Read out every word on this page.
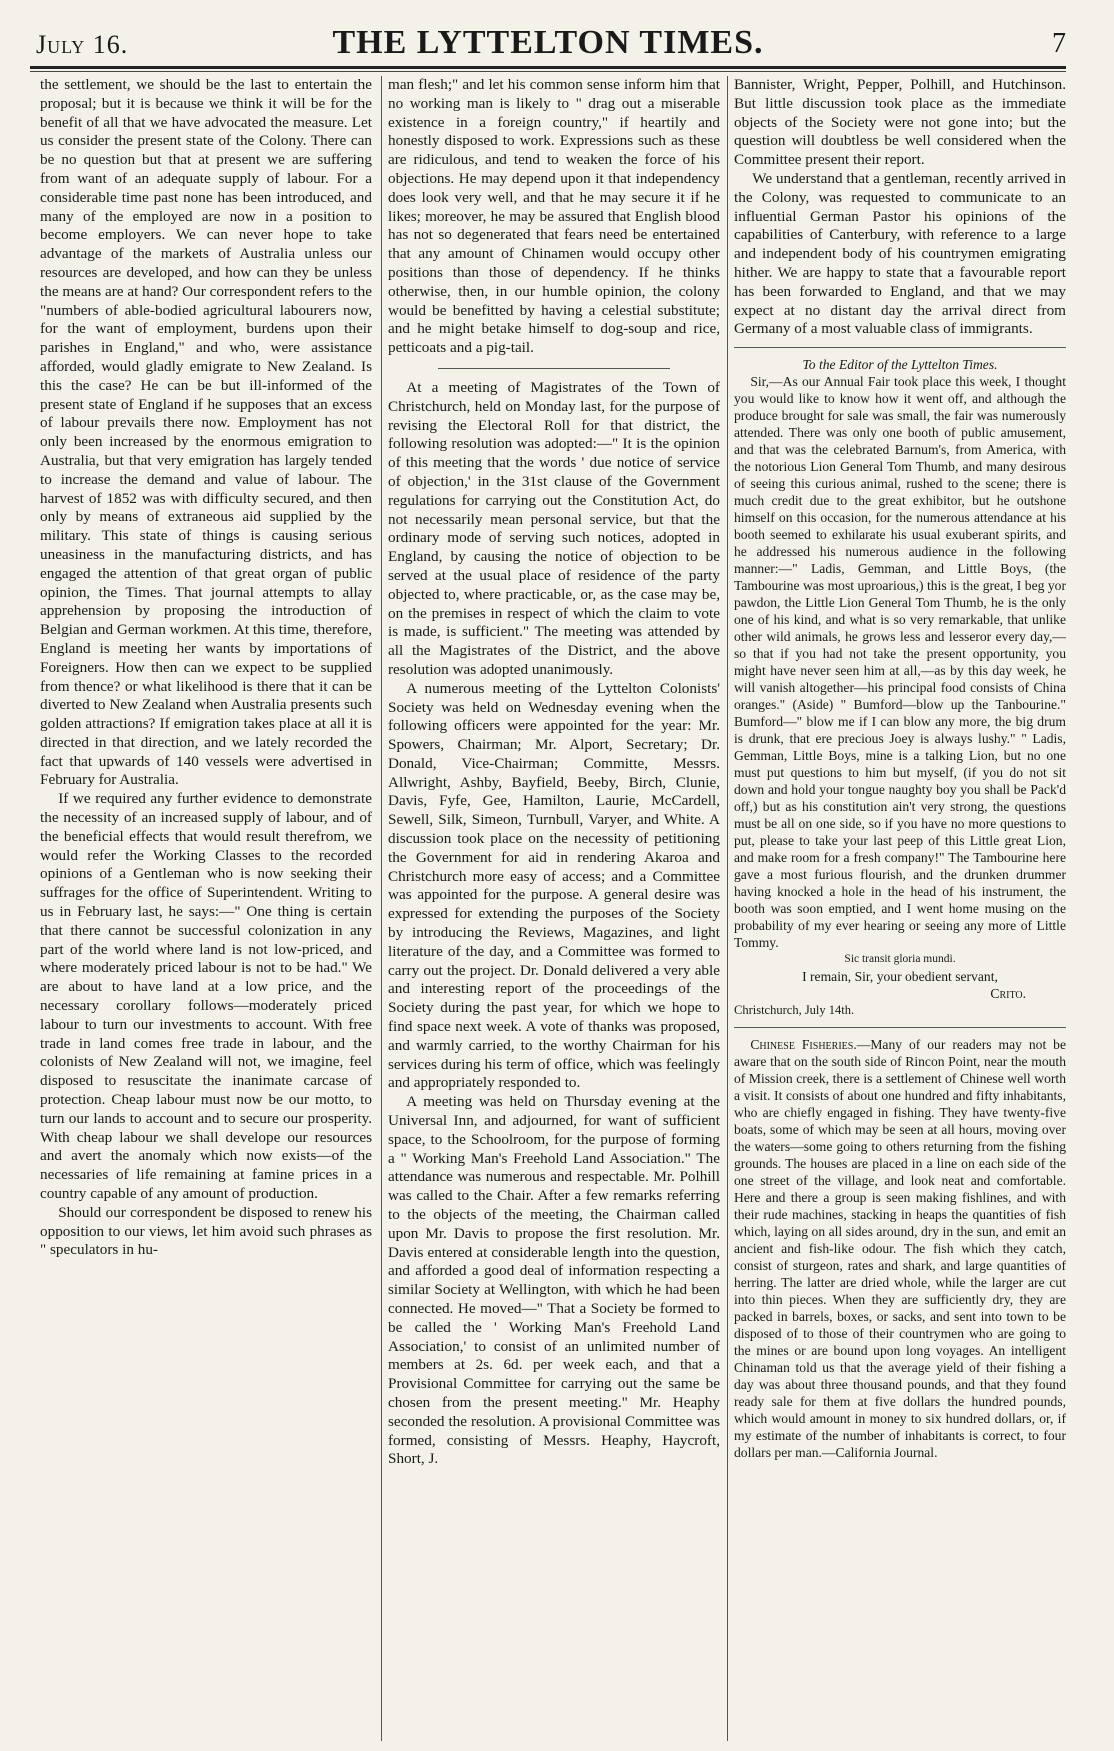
July 16.	THE LYTTELTON TIMES.	7

the settlement, we should be the last to entertain the proposal; but it is because we think it will be for the benefit of all that we have advocated the measure. Let us consider the present state of the Colony. There can be no question but that at present we are suffering from want of an adequate supply of labour. For a considerable time past none has been introduced, and many of the employed are now in a position to become employers. We can never hope to take advantage of the markets of Australia unless our resources are developed, and how can they be unless the means are at hand? Our correspondent refers to the "numbers of able-bodied agricultural labourers now, for the want of employment, burdens upon their parishes in England," and who, were assistance afforded, would gladly emigrate to New Zealand. Is this the case? He can be but ill-informed of the present state of England if he supposes that an excess of labour prevails there now. Employment has not only been increased by the enormous emigration to Australia, but that very emigration has largely tended to increase the demand and value of labour. The harvest of 1852 was with difficulty secured, and then only by means of extraneous aid supplied by the military. This state of things is causing serious uneasiness in the manufacturing districts, and has engaged the attention of that great organ of public opinion, the Times. That journal attempts to allay apprehension by proposing the introduction of Belgian and German workmen. At this time, therefore, England is meeting her wants by importations of Foreigners. How then can we expect to be supplied from thence? or what likelihood is there that it can be diverted to New Zealand when Australia presents such golden attractions? If emigration takes place at all it is directed in that direction, and we lately recorded the fact that upwards of 140 vessels were advertised in February for Australia.

If we required any further evidence to demonstrate the necessity of an increased supply of labour, and of the beneficial effects that would result therefrom, we would refer the Working Classes to the recorded opinions of a Gentleman who is now seeking their suffrages for the office of Superintendent. Writing to us in February last, he says:—" One thing is certain that there cannot be successful colonization in any part of the world where land is not low-priced, and where moderately priced labour is not to be had." We are about to have land at a low price, and the necessary corollary follows—moderately priced labour to turn our investments to account. With free trade in land comes free trade in labour, and the colonists of New Zealand will not, we imagine, feel disposed to resuscitate the inanimate carcase of protection. Cheap labour must now be our motto, to turn our lands to account and to secure our prosperity. With cheap labour we shall develope our resources and avert the anomaly which now exists—of the necessaries of life remaining at famine prices in a country capable of any amount of production.

Should our correspondent be disposed to renew his opposition to our views, let him avoid such phrases as " speculators in hu-

man flesh;" and let his common sense inform him that no working man is likely to " drag out a miserable existence in a foreign country," if heartily and honestly disposed to work. Expressions such as these are ridiculous, and tend to weaken the force of his objections. He may depend upon it that independency does look very well, and that he may secure it if he likes; moreover, he may be assured that English blood has not so degenerated that fears need be entertained that any amount of Chinamen would occupy other positions than those of dependency. If he thinks otherwise, then, in our humble opinion, the colony would be benefitted by having a celestial substitute; and he might betake himself to dog-soup and rice, petticoats and a pig-tail.

At a meeting of Magistrates of the Town of Christchurch, held on Monday last, for the purpose of revising the Electoral Roll for that district, the following resolution was adopted:—" It is the opinion of this meeting that the words ' due notice of service of objection,' in the 31st clause of the Government regulations for carrying out the Constitution Act, do not necessarily mean personal service, but that the ordinary mode of serving such notices, adopted in England, by causing the notice of objection to be served at the usual place of residence of the party objected to, where practicable, or, as the case may be, on the premises in respect of which the claim to vote is made, is sufficient." The meeting was attended by all the Magistrates of the District, and the above resolution was adopted unanimously.

A numerous meeting of the Lyttelton Colonists' Society was held on Wednesday evening when the following officers were appointed for the year: Mr. Spowers, Chairman; Mr. Alport, Secretary; Dr. Donald, Vice-Chairman; Committe, Messrs. Allwright, Ashby, Bayfield, Beeby, Birch, Clunie, Davis, Fyfe, Gee, Hamilton, Laurie, McCardell, Sewell, Silk, Simeon, Turnbull, Varyer, and White. A discussion took place on the necessity of petitioning the Government for aid in rendering Akaroa and Christchurch more easy of access; and a Committee was appointed for the purpose. A general desire was expressed for extending the purposes of the Society by introducing the Reviews, Magazines, and light literature of the day, and a Committee was formed to carry out the project. Dr. Donald delivered a very able and interesting report of the proceedings of the Society during the past year, for which we hope to find space next week. A vote of thanks was proposed, and warmly carried, to the worthy Chairman for his services during his term of office, which was feelingly and appropriately responded to.

A meeting was held on Thursday evening at the Universal Inn, and adjourned, for want of sufficient space, to the Schoolroom, for the purpose of forming a " Working Man's Freehold Land Association." The attendance was numerous and respectable. Mr. Polhill was called to the Chair. After a few remarks referring to the objects of the meeting, the Chairman called upon Mr. Davis to propose the first resolution. Mr. Davis entered at considerable length into the question, and afforded a good deal of information respecting a similar Society at Wellington, with which he had been connected. He moved—" That a Society be formed to be called the ' Working Man's Freehold Land Association,' to consist of an unlimited number of members at 2s. 6d. per week each, and that a Provisional Committee for carrying out the same be chosen from the present meeting." Mr. Heaphy seconded the resolution. A provisional Committee was formed, consisting of Messrs. Heaphy, Haycroft, Short, J.

Bannister, Wright, Pepper, Polhill, and Hutchinson. But little discussion took place as the immediate objects of the Society were not gone into; but the question will doubtless be well considered when the Committee present their report.

We understand that a gentleman, recently arrived in the Colony, was requested to communicate to an influential German Pastor his opinions of the capabilities of Canterbury, with reference to a large and independent body of his countrymen emigrating hither. We are happy to state that a favourable report has been forwarded to England, and that we may expect at no distant day the arrival direct from Germany of a most valuable class of immigrants.

To the Editor of the Lyttelton Times.

Sir,—As our Annual Fair took place this week, I thought you would like to know how it went off, and although the produce brought for sale was small, the fair was numerously attended. There was only one booth of public amusement, and that was the celebrated Barnum's, from America, with the notorious Lion General Tom Thumb, and many desirous of seeing this curious animal, rushed to the scene; there is much credit due to the great exhibitor, but he outshone himself on this occasion, for the numerous attendance at his booth seemed to exhilarate his usual exuberant spirits, and he addressed his numerous audience in the following manner:—" Ladis, Gemman, and Little Boys, (the Tambourine was most uproarious,) this is the great, I beg yor pawdon, the Little Lion General Tom Thumb, he is the only one of his kind, and what is so very remarkable, that unlike other wild animals, he grows less and lesseror every day,—so that if you had not take the present opportunity, you might have never seen him at all,—as by this day week, he will vanish altogether—his principal food consists of China oranges." (Aside) " Bumford—blow up the Tanbourine." Bumford—" blow me if I can blow any more, the big drum is drunk, that ere precious Joey is always lushy." " Ladis, Gemman, Little Boys, mine is a talking Lion, but no one must put questions to him but myself, (if you do not sit down and hold your tongue naughty boy you shall be Pack'd off,) but as his constitution ain't very strong, the questions must be all on one side, so if you have no more questions to put, please to take your last peep of this Little great Lion, and make room for a fresh company!" The Tambourine here gave a most furious flourish, and the drunken drummer having knocked a hole in the head of his instrument, the booth was soon emptied, and I went home musing on the probability of my ever hearing or seeing any more of Little Tommy.

Sic transit gloria mundi.

I remain, Sir, your obedient servant,

Crito.

Christchurch, July 14th.

Chinese Fisheries.—Many of our readers may not be aware that on the south side of Rincon Point, near the mouth of Mission creek, there is a settlement of Chinese well worth a visit. It consists of about one hundred and fifty inhabitants, who are chiefly engaged in fishing. They have twenty-five boats, some of which may be seen at all hours, moving over the waters—some going to others returning from the fishing grounds. The houses are placed in a line on each side of the one street of the village, and look neat and comfortable. Here and there a group is seen making fishlines, and with their rude machines, stacking in heaps the quantities of fish which, laying on all sides around, dry in the sun, and emit an ancient and fish-like odour. The fish which they catch, consist of sturgeon, rates and shark, and large quantities of herring. The latter are dried whole, while the larger are cut into thin pieces. When they are sufficiently dry, they are packed in barrels, boxes, or sacks, and sent into town to be disposed of to those of their countrymen who are going to the mines or are bound upon long voyages. An intelligent Chinaman told us that the average yield of their fishing a day was about three thousand pounds, and that they found ready sale for them at five dollars the hundred pounds, which would amount in money to six hundred dollars, or, if my estimate of the number of inhabitants is correct, to four dollars per man.—California Journal.
